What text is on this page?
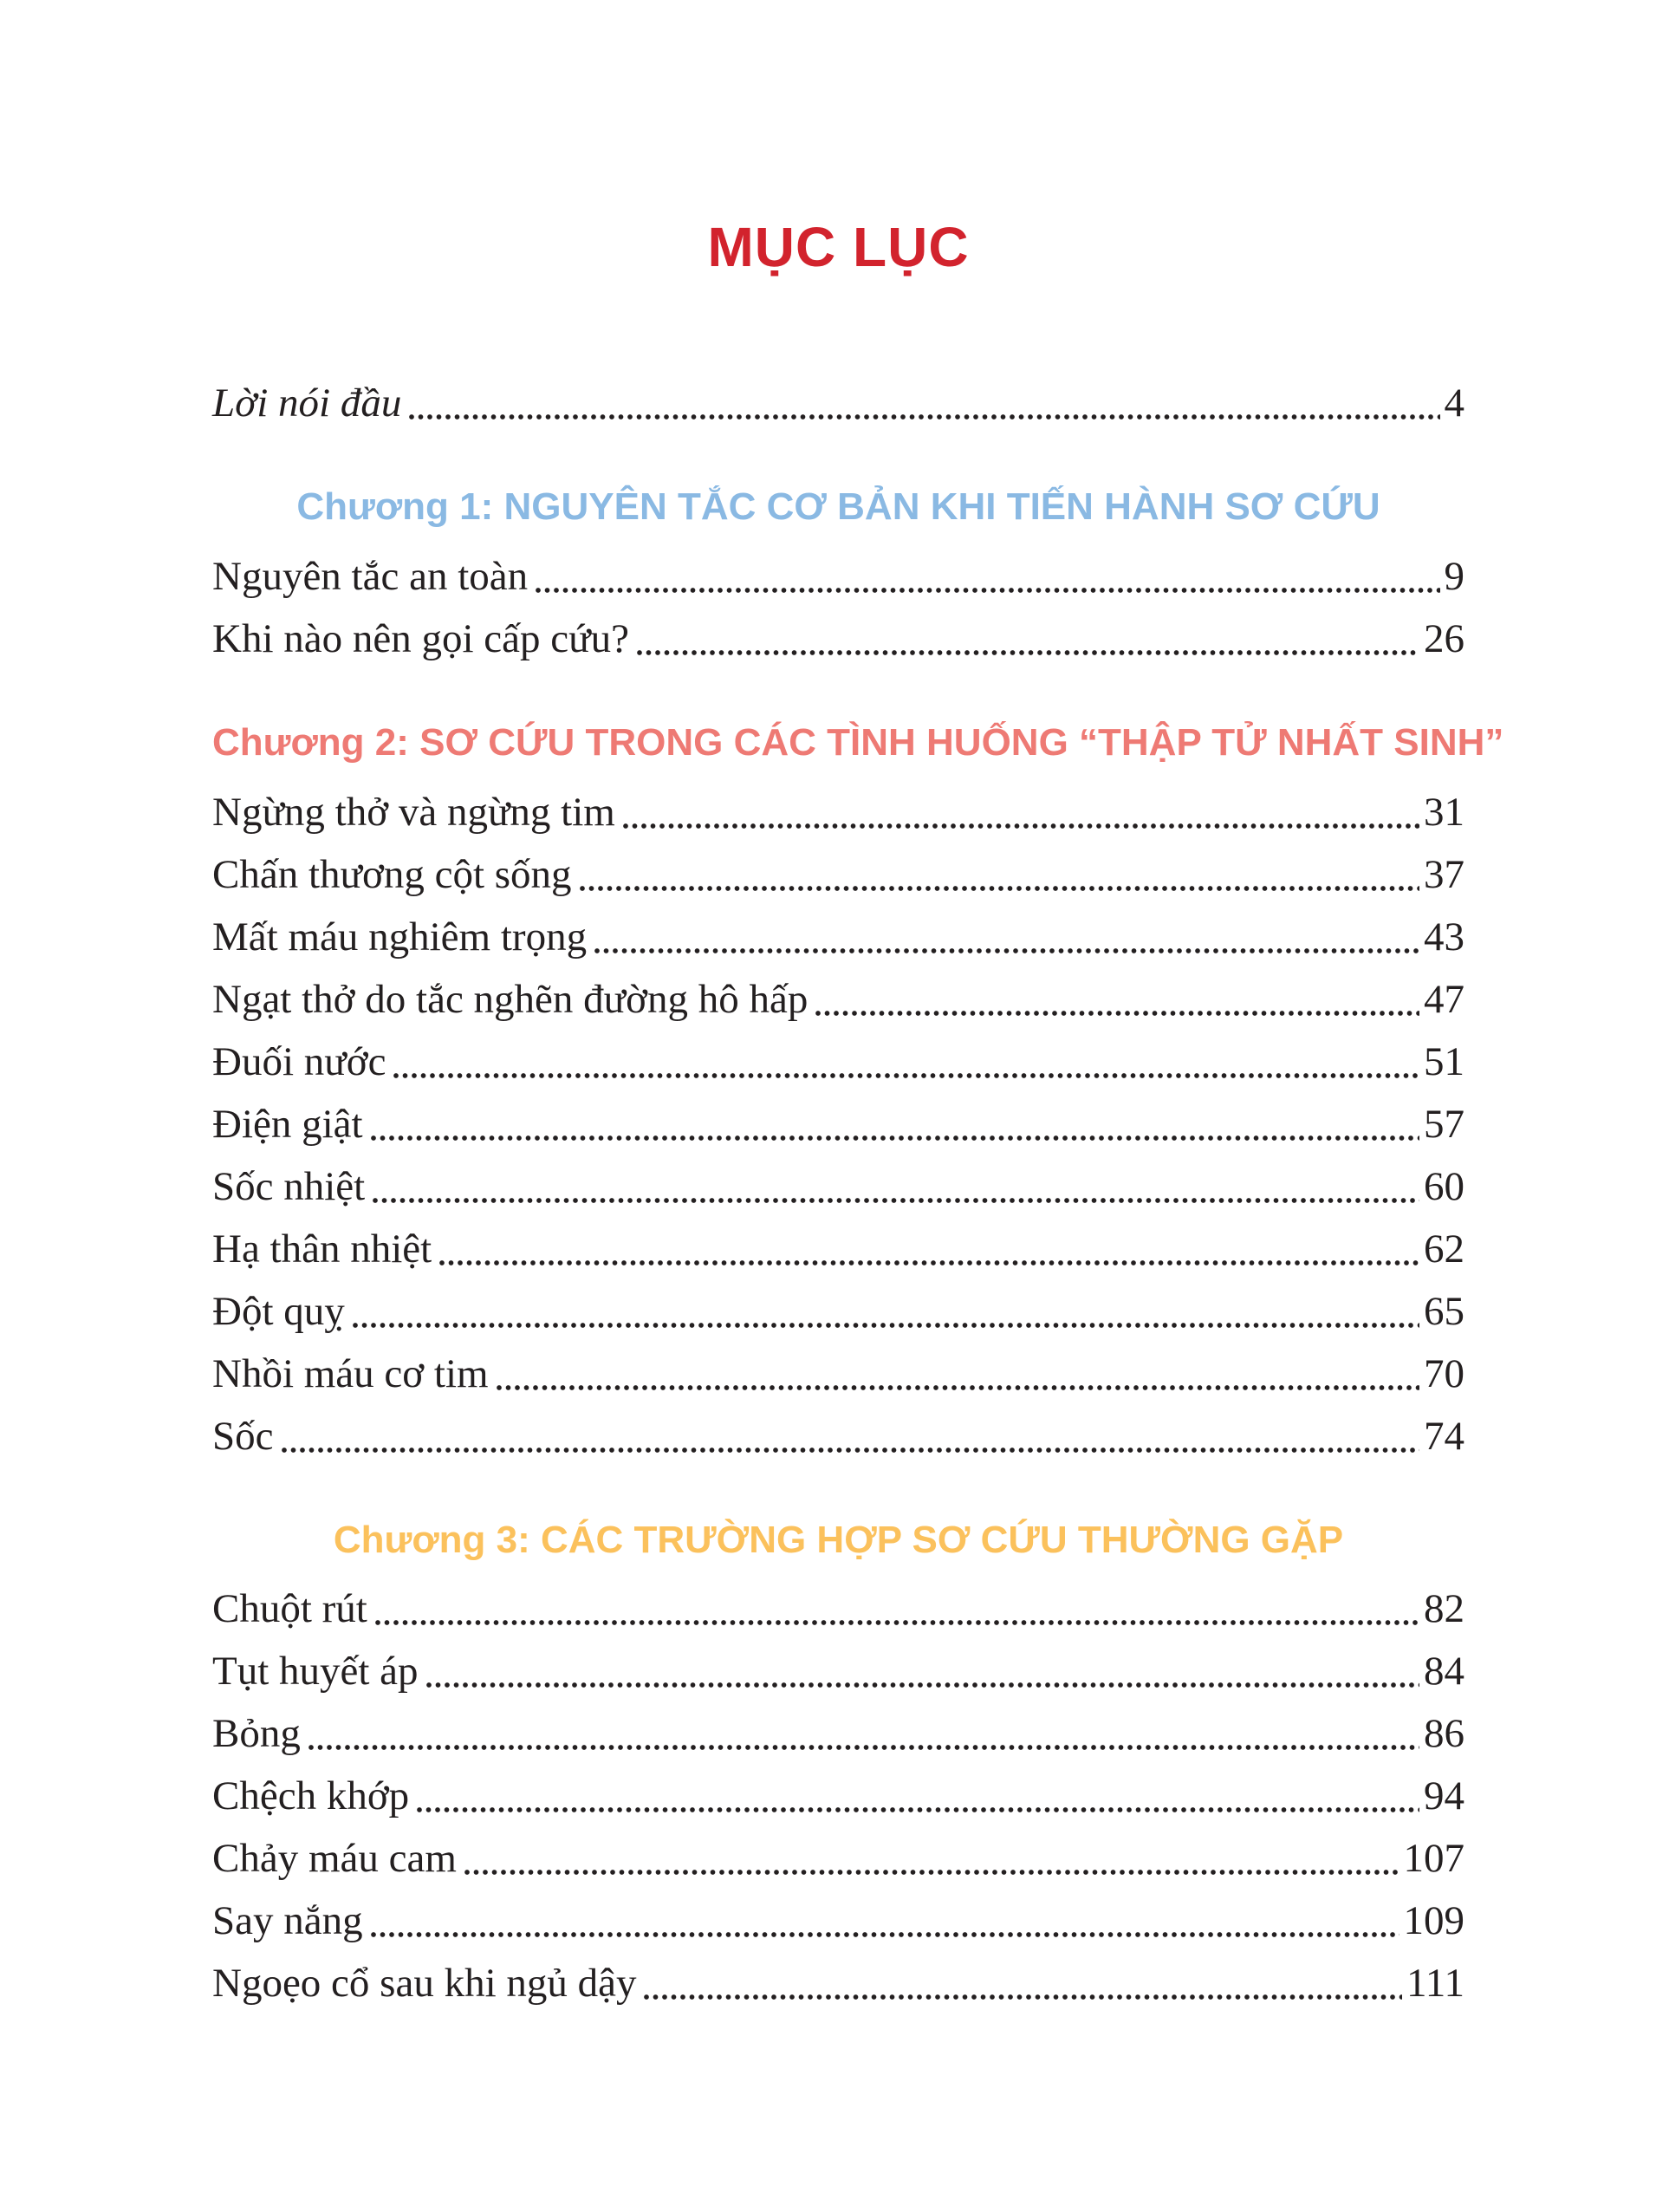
MỤC LỤC
Lời nói đầu	4
Chương 1: NGUYÊN TẮC CƠ BẢN KHI TIẾN HÀNH SƠ CỨU
Nguyên tắc an toàn	9
Khi nào nên gọi cấp cứu?	26
Chương 2: SƠ CỨU TRONG CÁC TÌNH HUỐNG “THẬP TỬ NHẤT SINH”
Ngừng thở và ngừng tim	31
Chấn thương cột sống	37
Mất máu nghiêm trọng	43
Ngạt thở do tắc nghẽn đường hô hấp	47
Đuối nước	51
Điện giật	57
Sốc nhiệt	60
Hạ thân nhiệt	62
Đột quỵ	65
Nhồi máu cơ tim	70
Sốc	74
Chương 3: CÁC TRƯỜNG HỢP SƠ CỨU THƯỜNG GẶP
Chuột rút	82
Tụt huyết áp	84
Bỏng	86
Chệch khớp	94
Chảy máu cam	107
Say nắng	109
Ngoẹo cổ sau khi ngủ dậy	111
